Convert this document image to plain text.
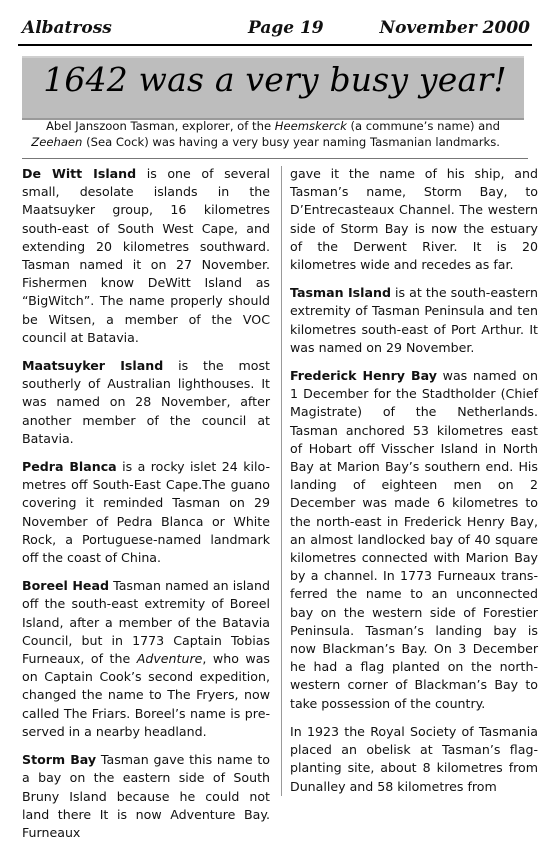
Albatross	Page 19	November 2000
1642 was a very busy year!
Abel Janszoon Tasman, explorer, of the Heemskerck (a commune’s name) and
Zeehaen (Sea Cock) was having a very busy year naming Tasmanian landmarks.

De Witt Island is one of several small, desolate islands in the Maatsuyker group, 16 kilometres south-east of South West Cape, and extending 20 kilometres southward. Tasman named it on 27 November. Fishermen know DeWitt Island as “BigWitch”. The name properly should be Witsen, a member of the VOC council at Batavia.

Maatsuyker Island is the most southerly of Australian lighthouses. It was named on 28 November, after another member of the council at Batavia.

Pedra Blanca is a rocky islet 24 kilo-metres off South-East Cape.The guano covering it reminded Tasman on 29 November of Pedra Blanca or White Rock, a Portuguese-named landmark off the coast of China.

Boreel Head Tasman named an island off the south-east extremity of Boreel Island, after a member of the Batavia Council, but in 1773 Captain Tobias Furneaux, of the Adventure, who was on Captain Cook’s second expedition, changed the name to The Fryers, now called The Friars. Boreel’s name is pre-served in a nearby headland.

Storm Bay Tasman gave this name to a bay on the eastern side of South Bruny Island because he could not land there It is now Adventure Bay. Furneaux

gave it the name of his ship, and Tasman’s name, Storm Bay, to D’Entrecasteaux Channel. The western side of Storm Bay is now the estuary of the Derwent River. It is 20 kilometres wide and recedes as far.

Tasman Island is at the south-eastern extremity of Tasman Peninsula and ten kilometres south-east of Port Arthur. It was named on 29 November.

Frederick Henry Bay was named on 1 December for the Stadtholder (Chief Magistrate) of the Netherlands. Tasman anchored 53 kilometres east of Hobart off Visscher Island in North Bay at Marion Bay’s southern end. His landing of eighteen men on 2 December was made 6 kilometres to the north-east in Frederick Henry Bay, an almost landlocked bay of 40 square kilometres connected with Marion Bay by a channel. In 1773 Furneaux trans-ferred the name to an unconnected bay on the western side of Forestier Peninsula. Tasman’s landing bay is now Blackman’s Bay. On 3 December he had a flag planted on the north-western corner of Blackman’s Bay to take possession of the country.

In 1923 the Royal Society of Tasmania placed an obelisk at Tasman’s flag-planting site, about 8 kilometres from Dunalley and 58 kilometres from
